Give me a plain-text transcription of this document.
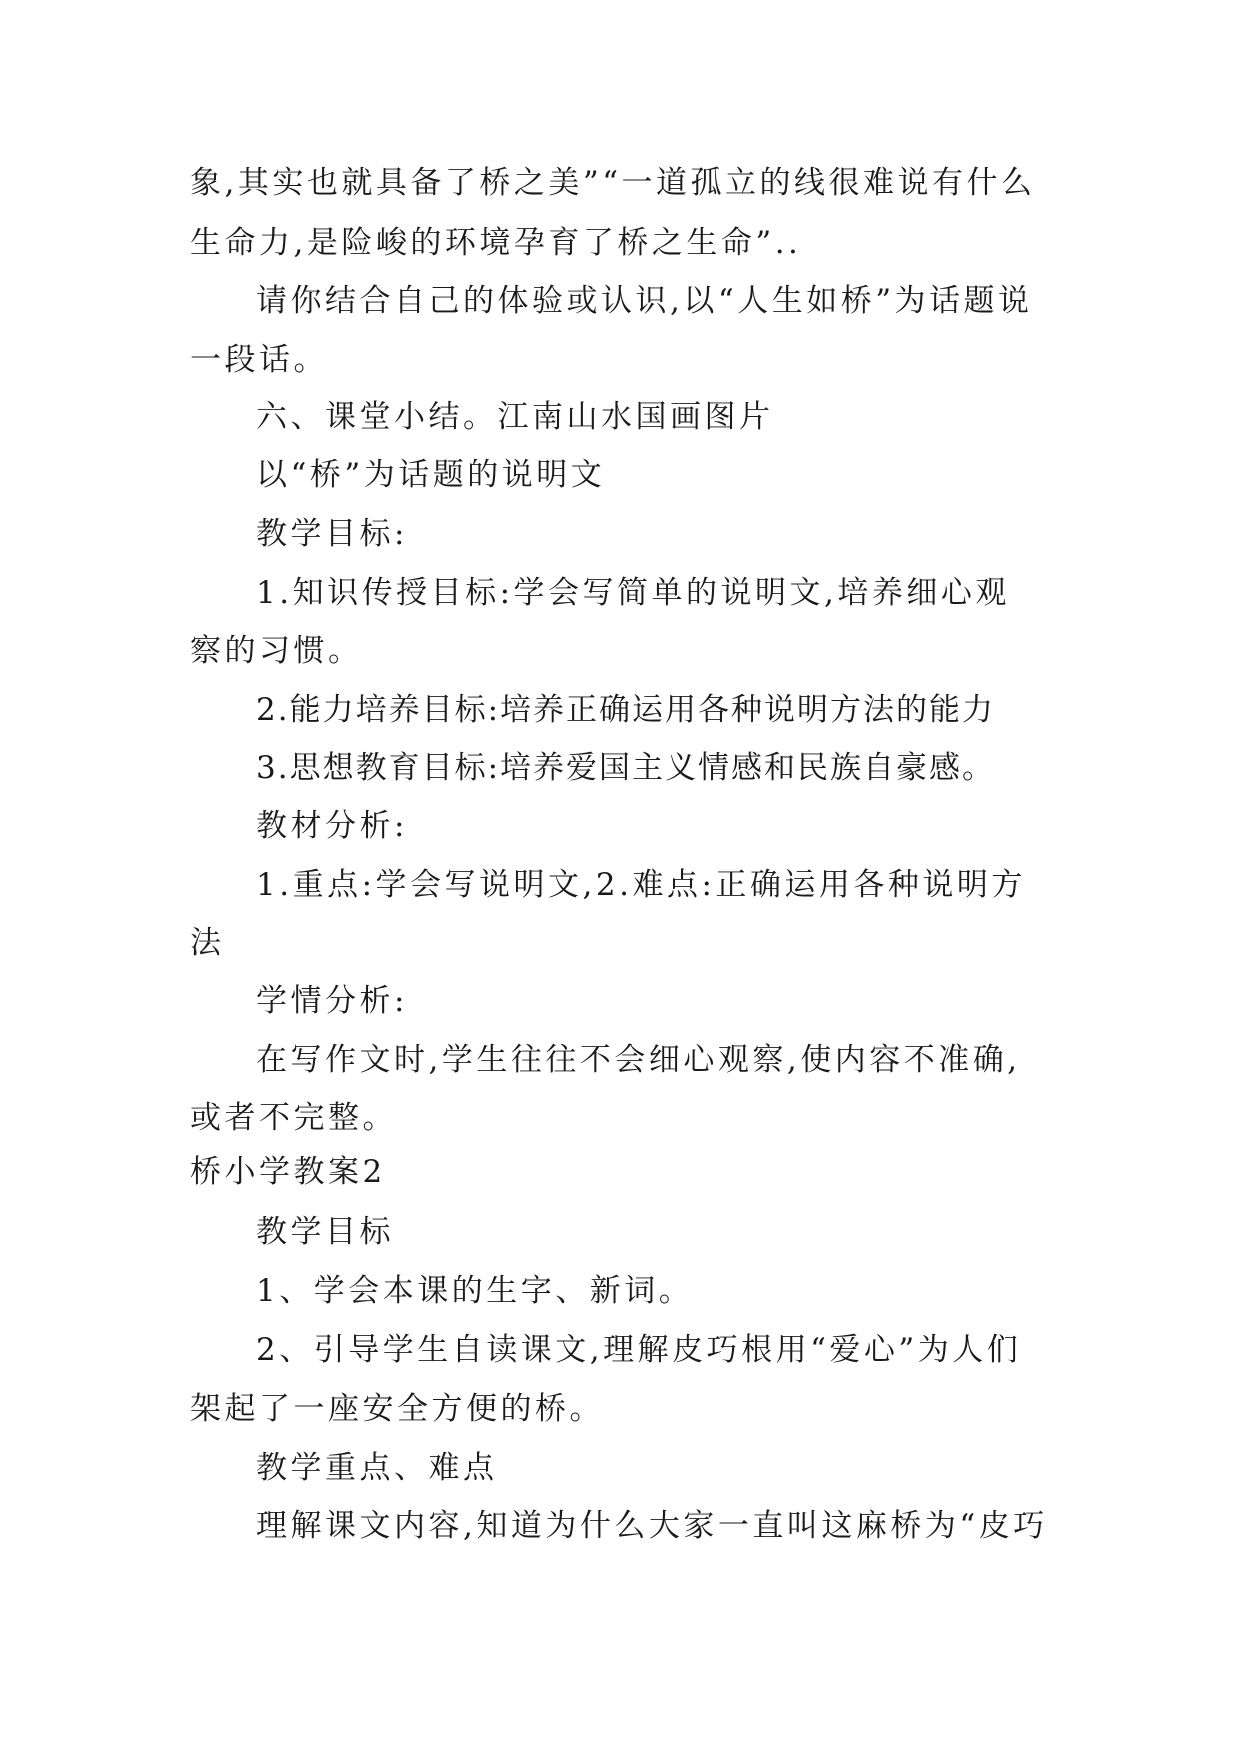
象,其实也就具备了桥之美”“一道孤立的线很难说有什么
生命力,是险峻的环境孕育了桥之生命”..
请你结合自己的体验或认识,以“人生如桥”为话题说
一段话。
六、课堂小结。江南山水国画图片
以“桥”为话题的说明文
教学目标:
1.知识传授目标:学会写简单的说明文,培养细心观
察的习惯。
2.能力培养目标:培养正确运用各种说明方法的能力
3.思想教育目标:培养爱国主义情感和民族自豪感。
教材分析:
1.重点:学会写说明文,2.难点:正确运用各种说明方
法
学情分析:
在写作文时,学生往往不会细心观察,使内容不准确,
或者不完整。
桥小学教案2
教学目标
1、学会本课的生字、新词。
2、引导学生自读课文,理解皮巧根用“爱心”为人们
架起了一座安全方便的桥。
教学重点、难点
理解课文内容,知道为什么大家一直叫这麻桥为“皮巧
